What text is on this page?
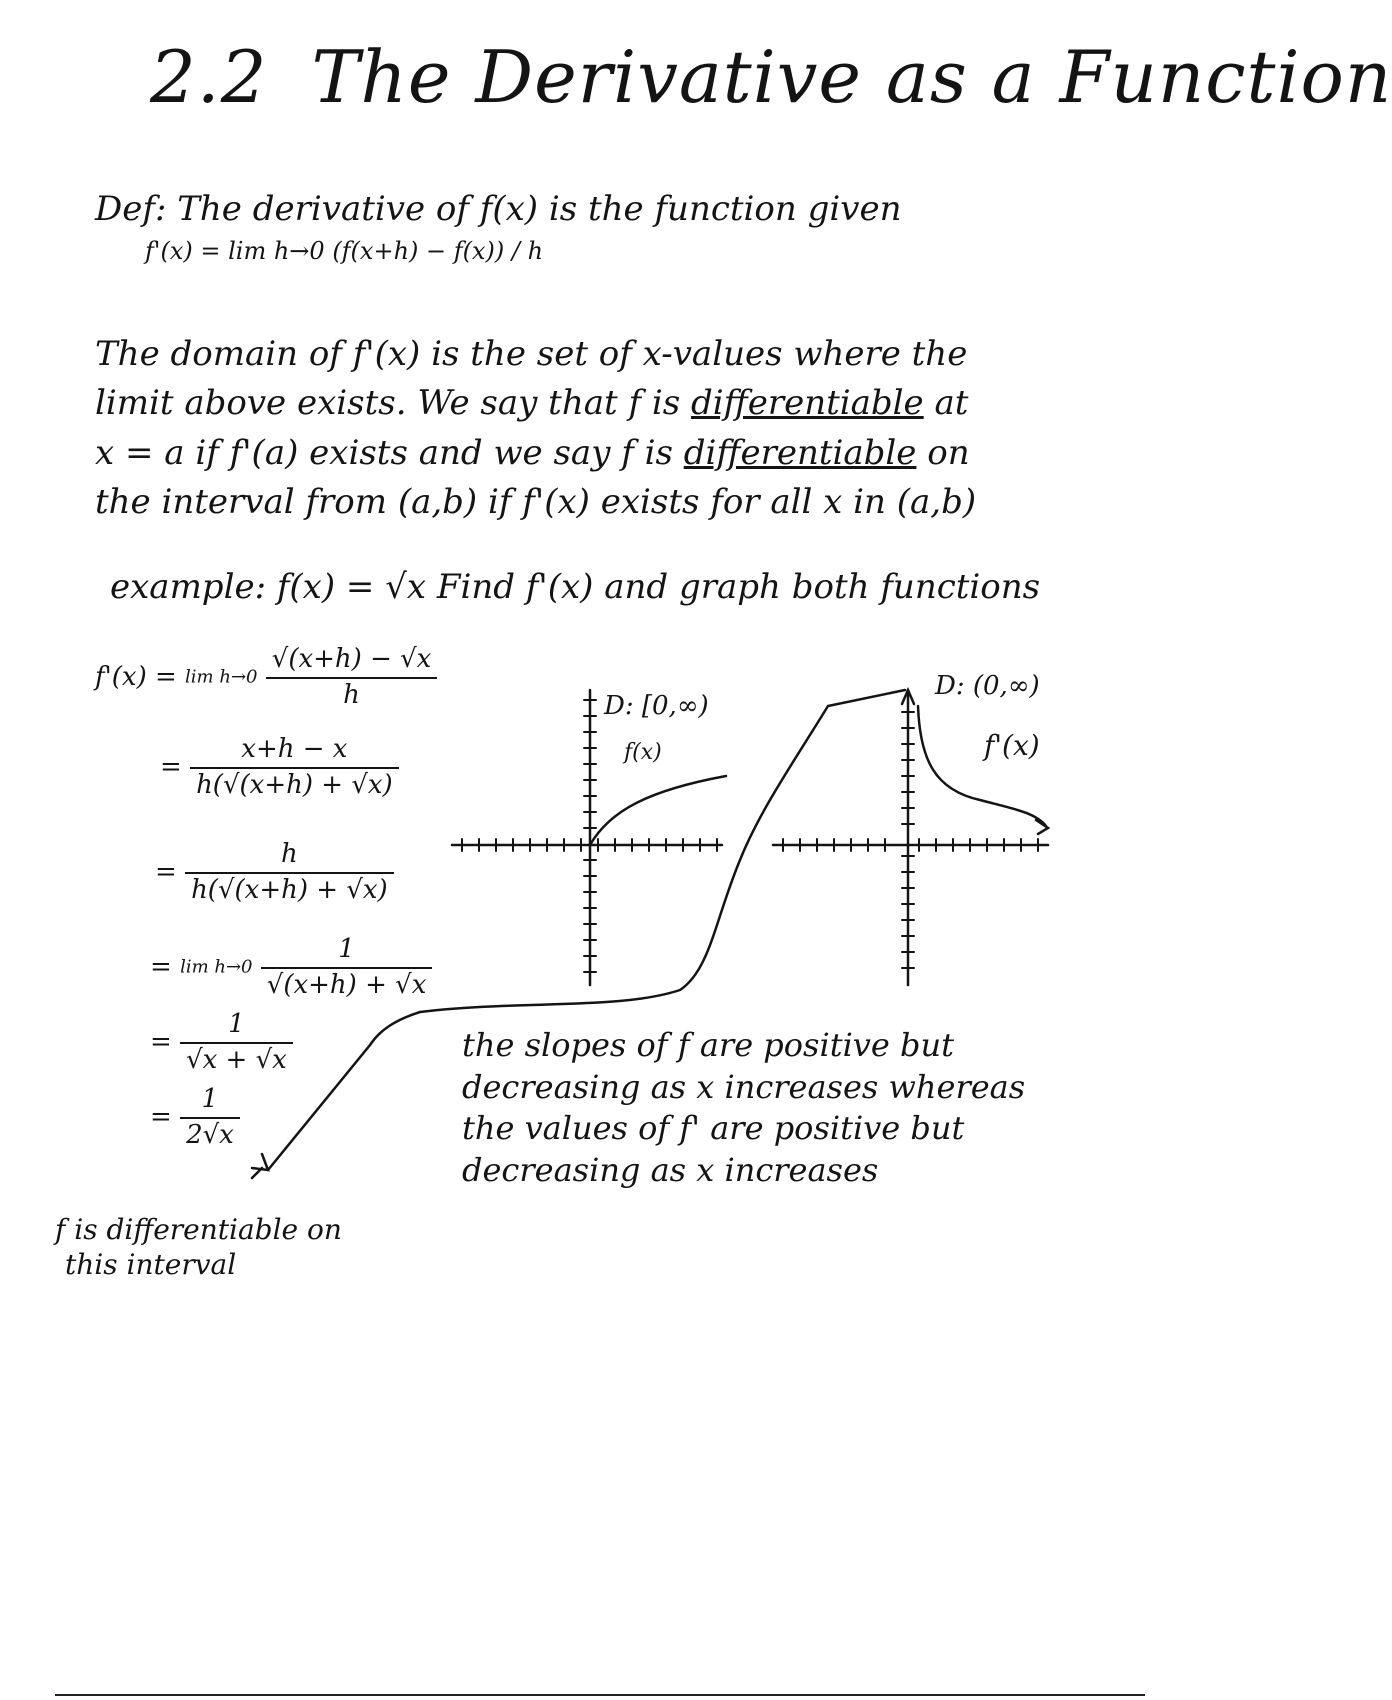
2.2 The Derivative as a Function
Def: The derivative of f(x) is the function given
f'(x) = lim h→0 (f(x+h) − f(x)) / h
The domain of f'(x) is the set of x-values where the
limit above exists. We say that f is differentiable at
x = a if f'(a) exists and we say f is differentiable on
the interval from (a,b) if f'(x) exists for all x in (a,b)
example: f(x) = √x Find f'(x) and graph both functions
$f'(x) = \lim h\to 0 \frac{√(x+h) - √x}{h}$
= $\frac{x+h - x}{h(√(x+h) + √x)}$
= $\frac{h}{h(√(x+h) + √x)}$
= $\lim h\to 0 \frac{1}{√(x+h) + √x}$
= $\frac{1}{√x + √x}$
= $\frac{1}{2√x}$
D: [0,∞)
f(x)
D: (0,∞)
f'(x)
f is differentiable on
this interval
the slopes of f are positive but
decreasing as x increases whereas
the values of f' are positive but
decreasing as x increases
